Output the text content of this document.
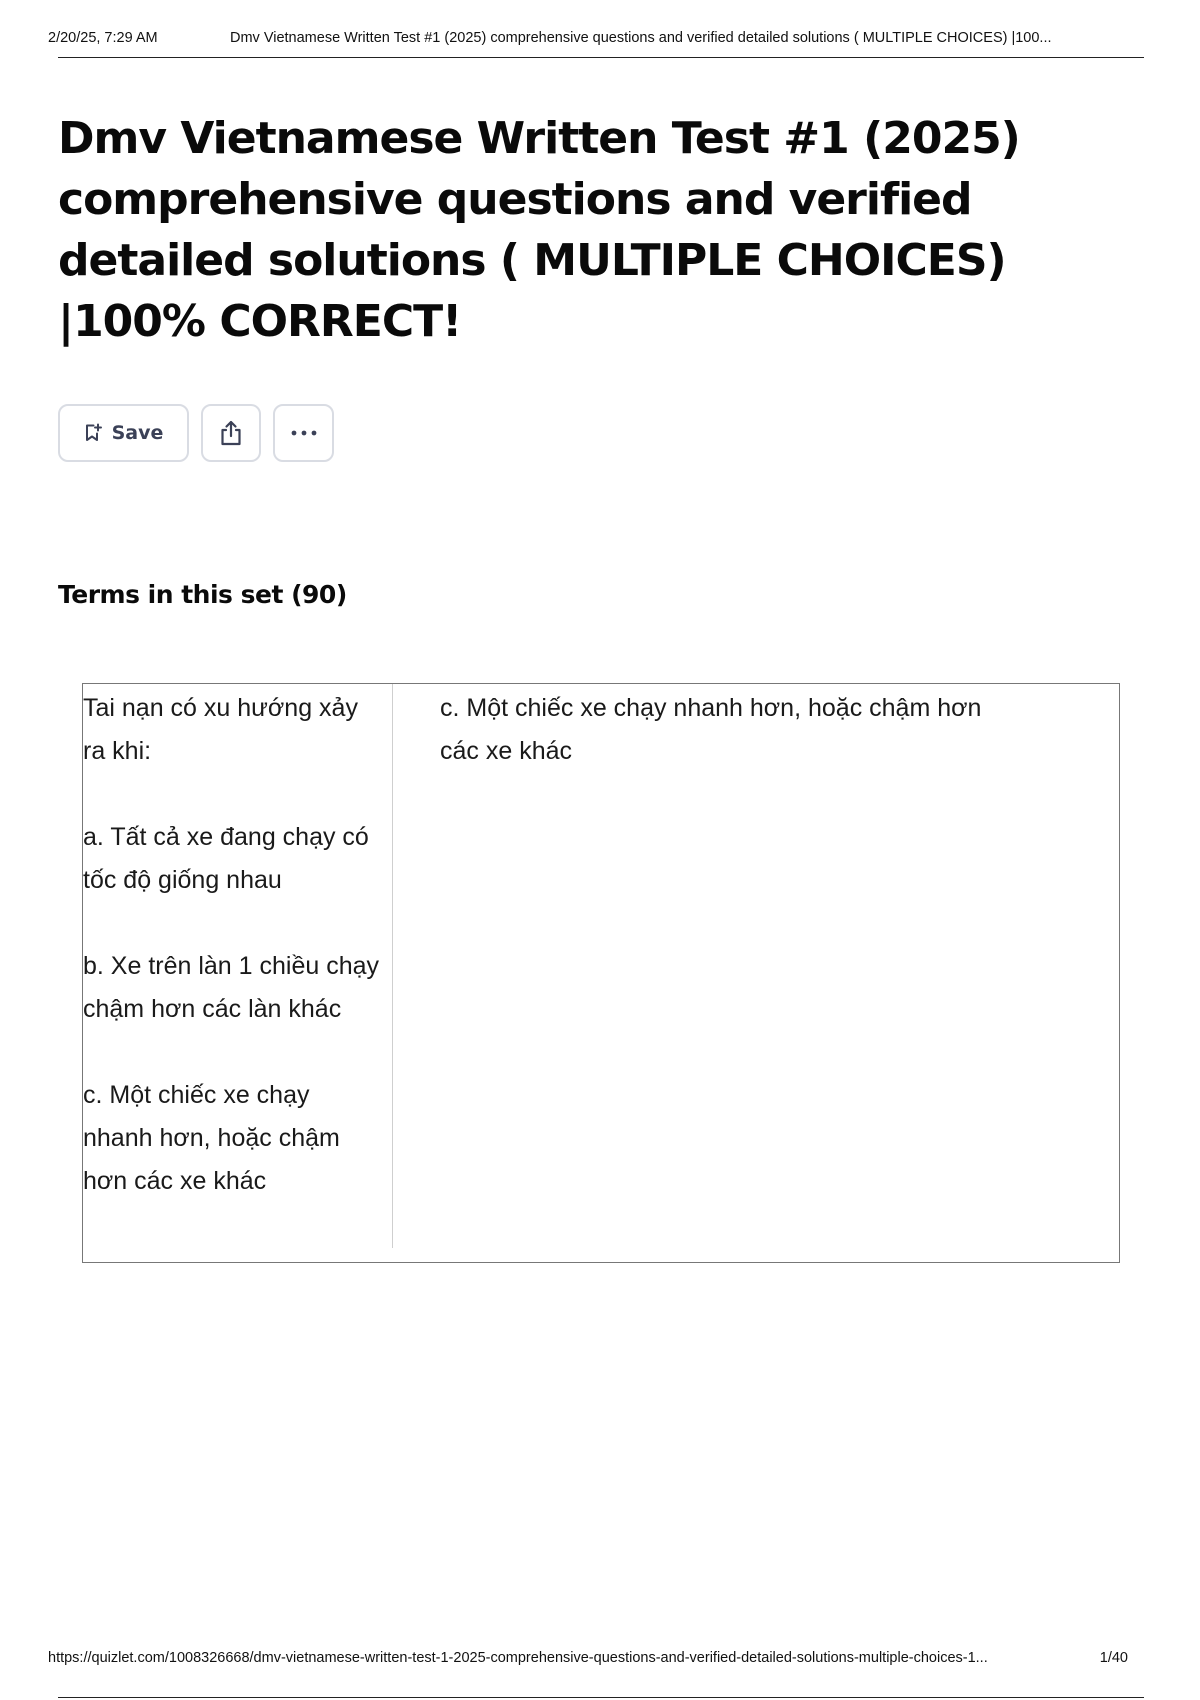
2/20/25, 7:29 AM	Dmv Vietnamese Written Test #1 (2025) comprehensive questions and verified detailed solutions ( MULTIPLE CHOICES) |100...
Dmv Vietnamese Written Test #1 (2025) comprehensive questions and verified detailed solutions ( MULTIPLE CHOICES) |100% CORRECT!
Save
Terms in this set (90)

Tai nạn có xu hướng xảy ra khi:

a. Tất cả xe đang chạy có tốc độ giống nhau

b. Xe trên làn 1 chiều chạy chậm hơn các làn khác

c. Một chiếc xe chạy nhanh hơn, hoặc chậm hơn các xe khác

c. Một chiếc xe chạy nhanh hơn, hoặc chậm hơn các xe khác
https://quizlet.com/1008326668/dmv-vietnamese-written-test-1-2025-comprehensive-questions-and-verified-detailed-solutions-multiple-choices-1...	1/40
